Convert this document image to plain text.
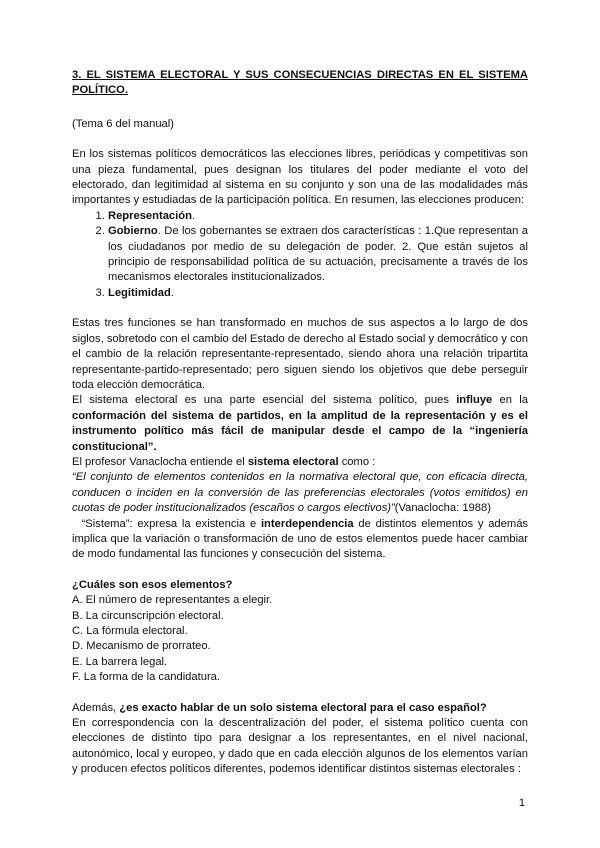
3. EL SISTEMA ELECTORAL Y SUS CONSECUENCIAS DIRECTAS EN EL SISTEMA POLÍTICO.

(Tema 6 del manual)

En los sistemas políticos democráticos las elecciones libres, periódicas y competitivas son una pieza fundamental, pues designan los titulares del poder mediante el voto del electorado, dan legitimidad al sistema en su conjunto y son una de las modalidades más importantes y estudiadas de la participación política. En resumen, las elecciones producen:

1. Representación.
2. Gobierno. De los gobernantes se extraen dos características : 1.Que representan a los ciudadanos por medio de su delegación de poder. 2. Que están sujetos al principio de responsabilidad política de su actuación, precisamente a través de los mecanismos electorales institucionalizados.
3. Legitimidad.

Estas tres funciones se han transformado en muchos de sus aspectos a lo largo de dos siglos, sobretodo con el cambio del Estado de derecho al Estado social y democrático y con el cambio de la relación representante-representado, siendo ahora una relación tripartita representante-partido-representado; pero siguen siendo los objetivos que debe perseguir toda elección democrática.

El sistema electoral es una parte esencial del sistema político, pues influye en la conformación del sistema de partidos, en la amplitud de la representación y es el instrumento político más fácil de manipular desde el campo de la “ingeniería constitucional”.

El profesor Vanaclocha entiende el sistema electoral como :

“El conjunto de elementos contenidos en la normativa electoral que, con eficacia directa, conducen o inciden en la conversión de las preferencias electorales (votos emitidos) en cuotas de poder institucionalizados (escaños o cargos electivos)”(Vanaclocha: 1988)

“Sistema”: expresa la existencia e interdependencia de distintos elementos y además implica que la variación o transformación de uno de estos elementos puede hacer cambiar de modo fundamental las funciones y consecución del sistema.

¿Cuáles son esos elementos?

A. El número de representantes a elegir.

B. La circunscripción electoral.

C. La fórmula electoral.

D. Mecanismo de prorrateo.

E. La barrera legal.

F. La forma de la candidatura.

Además, ¿es exacto hablar de un solo sistema electoral para el caso español?

En correspondencia con la descentralización del poder, el sistema político cuenta con elecciones de distinto tipo para designar a los representantes, en el nivel nacional, autonómico, local y europeo, y dado que en cada elección algunos de los elementos varían y producen efectos políticos diferentes, podemos identificar distintos sistemas electorales :

1
